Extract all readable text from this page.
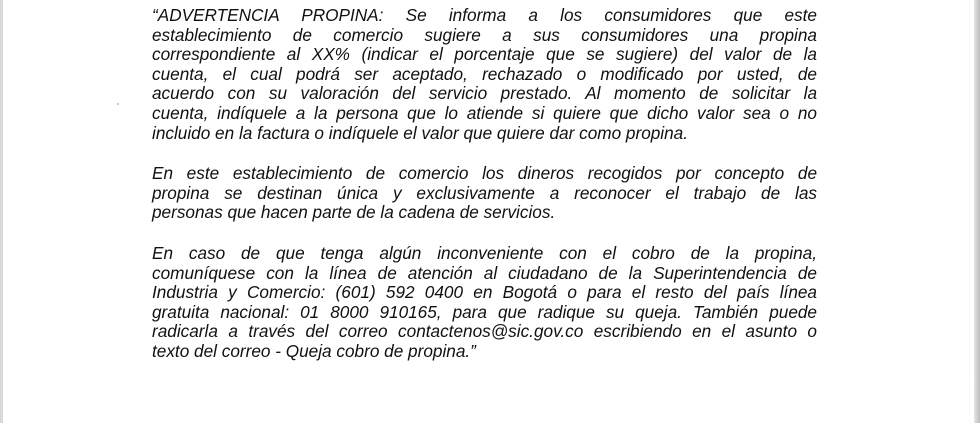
“ADVERTENCIA PROPINA: Se informa a los consumidores que este
establecimiento de comercio sugiere a sus consumidores una propina
correspondiente al XX% (indicar el porcentaje que se sugiere) del valor de la
cuenta, el cual podrá ser aceptado, rechazado o modificado por usted, de
acuerdo con su valoración del servicio prestado. Al momento de solicitar la
cuenta, indíquele a la persona que lo atiende si quiere que dicho valor sea o no
incluido en la factura o indíquele el valor que quiere dar como propina.

En este establecimiento de comercio los dineros recogidos por concepto de
propina se destinan única y exclusivamente a reconocer el trabajo de las
personas que hacen parte de la cadena de servicios.

En caso de que tenga algún inconveniente con el cobro de la propina,
comuníquese con la línea de atención al ciudadano de la Superintendencia de
Industria y Comercio: (601) 592 0400 en Bogotá o para el resto del país línea
gratuita nacional: 01 8000 910165, para que radique su queja. También puede
radicarla a través del correo contactenos@sic.gov.co escribiendo en el asunto o
texto del correo - Queja cobro de propina.”
